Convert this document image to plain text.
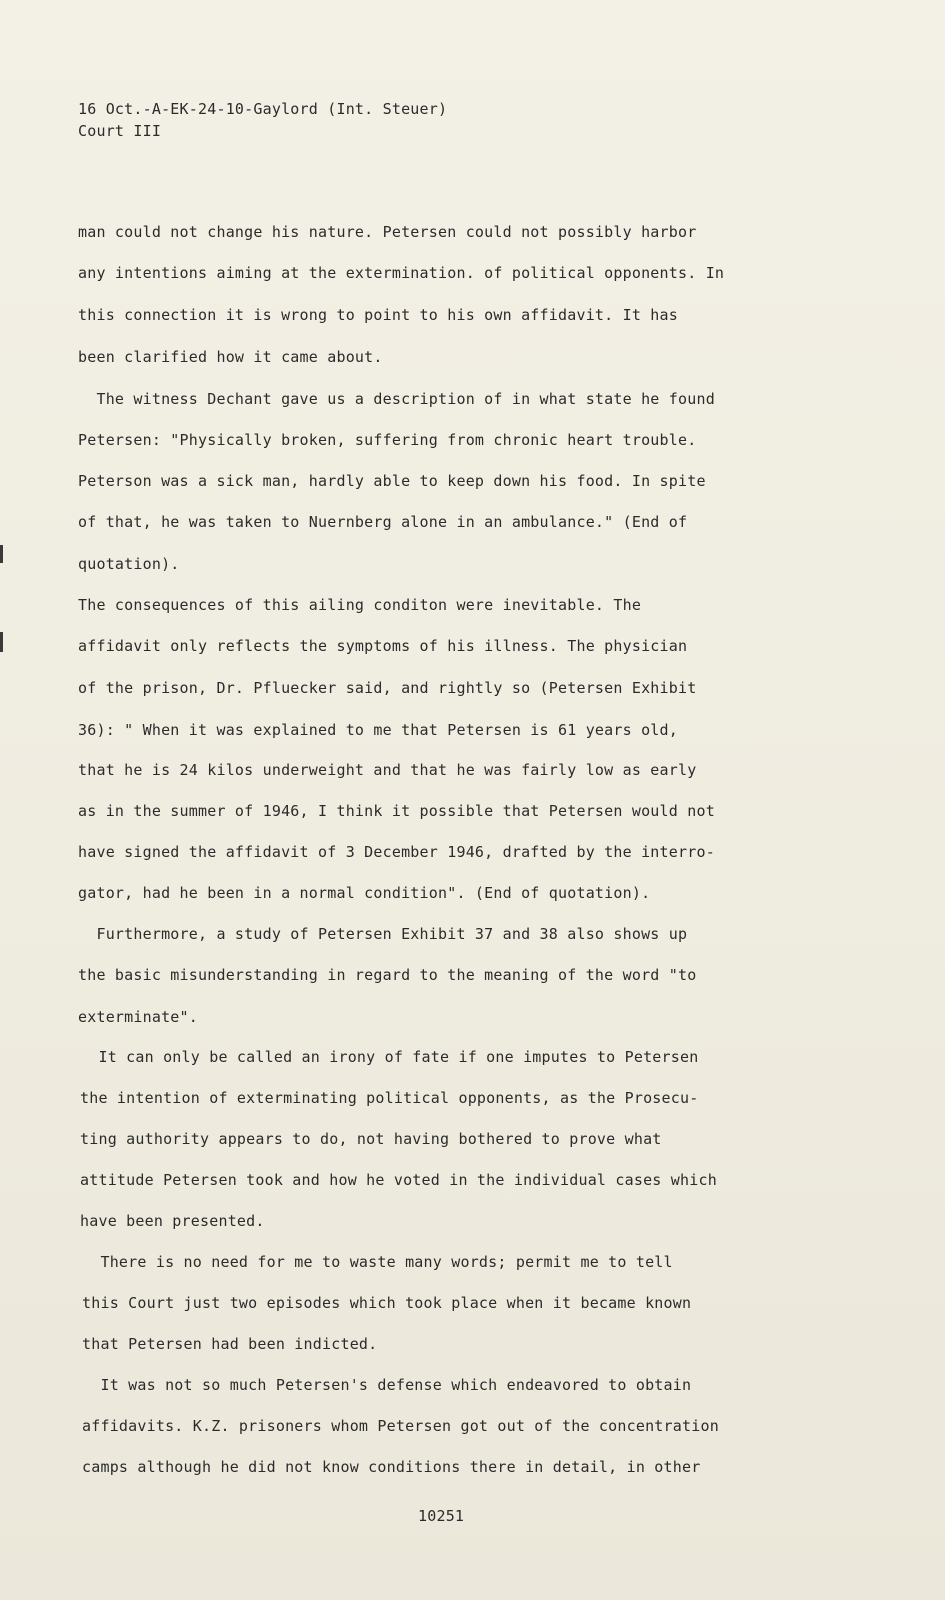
16 Oct.-A-EK-24-10-Gaylord (Int. Steuer)
Court III
man could not change his nature. Petersen could not possibly harbor
any intentions aiming at the extermination. of political opponents. In
this connection it is wrong to point to his own affidavit. It has
been clarified how it came about.
The witness Dechant gave us a description of in what state he found
Petersen: "Physically broken, suffering from chronic heart trouble.
Peterson was a sick man, hardly able to keep down his food. In spite
of that, he was taken to Nuernberg alone in an ambulance." (End of
quotation).
The consequences of this ailing conditon were inevitable. The
affidavit only reflects the symptoms of his illness. The physician
of the prison, Dr. Pfluecker said, and rightly so (Petersen Exhibit
36): " When it was explained to me that Petersen is 61 years old,
that he is 24 kilos underweight and that he was fairly low as early
as in the summer of 1946, I think it possible that Petersen would not
have signed the affidavit of 3 December 1946, drafted by the interro-
gator, had he been in a normal condition". (End of quotation).
Furthermore, a study of Petersen Exhibit 37 and 38 also shows up
the basic misunderstanding in regard to the meaning of the word "to
exterminate".
It can only be called an irony of fate if one imputes to Petersen
the intention of exterminating political opponents, as the Prosecu-
ting authority appears to do, not having bothered to prove what
attitude Petersen took and how he voted in the individual cases which
have been presented.
There is no need for me to waste many words; permit me to tell
this Court just two episodes which took place when it became known
that Petersen had been indicted.
It was not so much Petersen's defense which endeavored to obtain
affidavits. K.Z. prisoners whom Petersen got out of the concentration
camps although he did not know conditions there in detail, in other
10251
